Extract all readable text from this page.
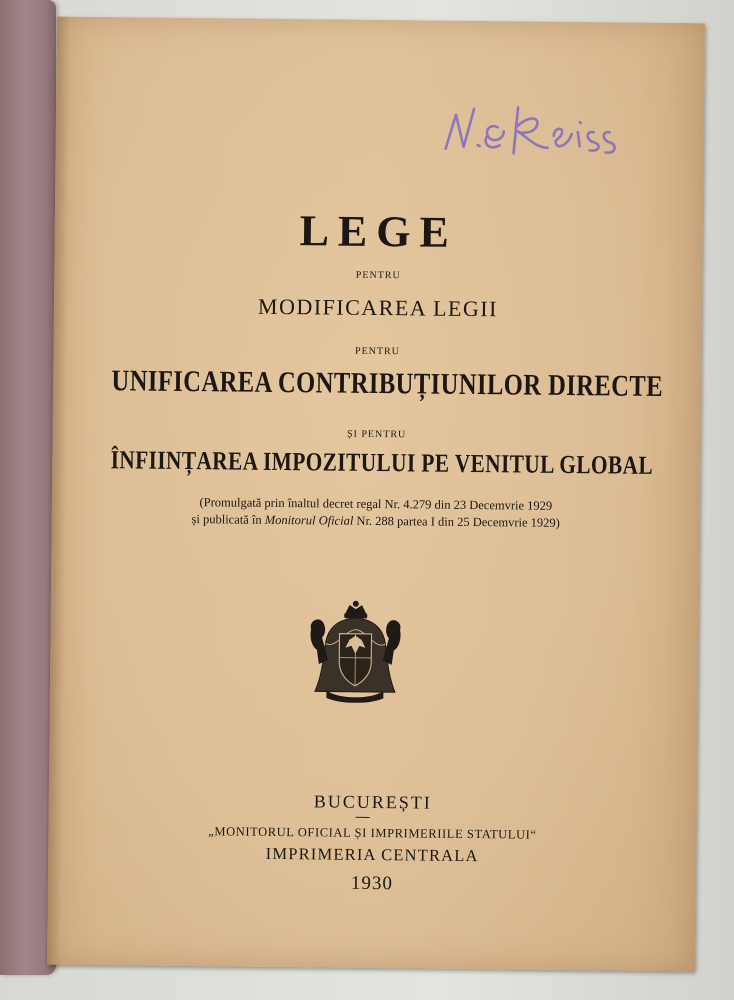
LEGE
PENTRU
MODIFICAREA LEGII
PENTRU
UNIFICAREA CONTRIBUȚIUNILOR DIRECTE
ȘI PENTRU
ÎNFIINȚAREA IMPOZITULUI PE VENITUL GLOBAL
(Promulgată prin înaltul decret regal Nr. 4.279 din 23 Decemvrie 1929
și publicată în Monitorul Oficial Nr. 288 partea I din 25 Decemvrie 1929)
BUCUREȘTI
„MONITORUL OFICIAL ȘI IMPRIMERIILE STATULUI“
IMPRIMERIA CENTRALA
1930
